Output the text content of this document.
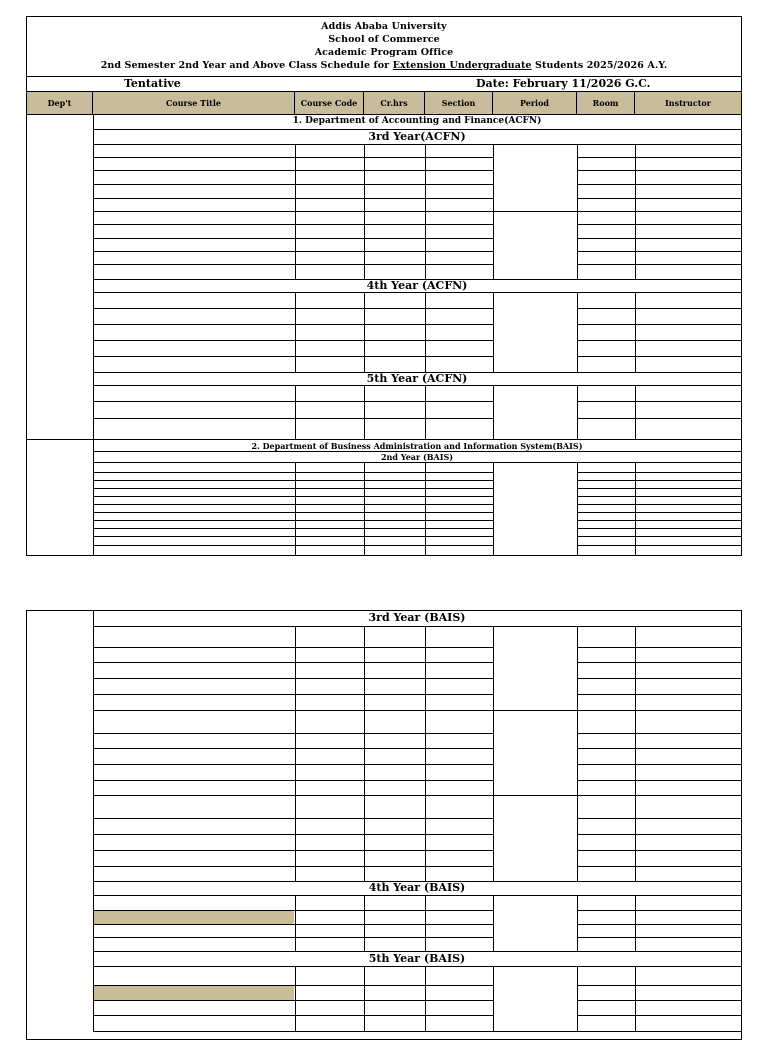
Addis Ababa University
School of Commerce
Academic Program Office
2nd Semester 2nd Year and Above Class Schedule for Extension Undergraduate Students 2025/2026 A.Y.
Tentative	Date: February 11/2026 G.C.
Dep't	Course Title	Course Code	Cr.hrs	Section	Period	Room	Instructor
1. Department of Accounting and Finance(ACFN)
3rd Year(ACFN)
4th Year (ACFN)
5th Year (ACFN)
2. Department of Business Administration and Information System(BAIS)
2nd Year (BAIS)
3rd Year (BAIS)
4th Year (BAIS)
5th Year (BAIS)
